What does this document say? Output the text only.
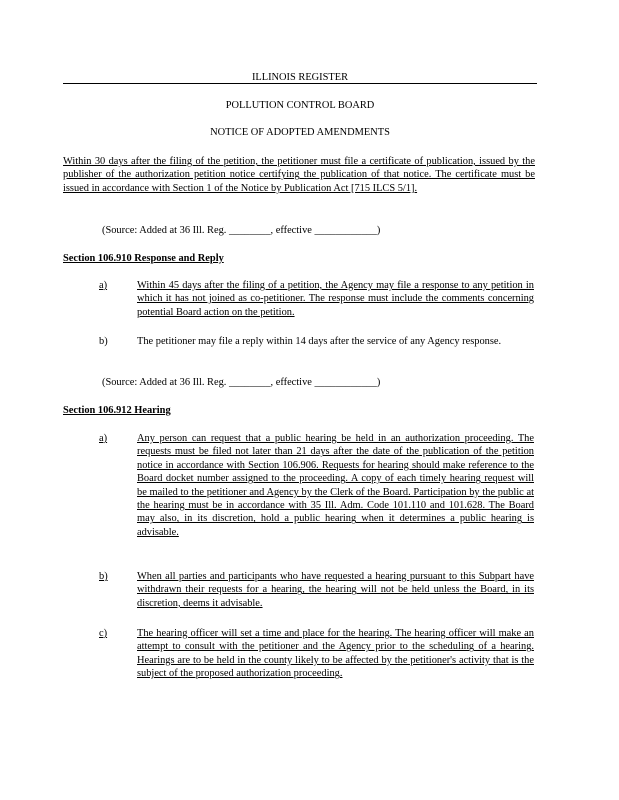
ILLINOIS REGISTER
POLLUTION CONTROL BOARD
NOTICE OF ADOPTED AMENDMENTS
Within 30 days after the filing of the petition, the petitioner must file a certificate of publication, issued by the publisher of the authorization petition notice certifying the publication of that notice. The certificate must be issued in accordance with Section 1 of the Notice by Publication Act [715 ILCS 5/1].
(Source: Added at 36 Ill. Reg. ________, effective ____________)
Section 106.910 Response and Reply
a)	Within 45 days after the filing of a petition, the Agency may file a response to any petition in which it has not joined as co-petitioner. The response must include the comments concerning potential Board action on the petition.
b)	The petitioner may file a reply within 14 days after the service of any Agency response.
(Source: Added at 36 Ill. Reg. ________, effective ____________)
Section 106.912 Hearing
a)	Any person can request that a public hearing be held in an authorization proceeding. The requests must be filed not later than 21 days after the date of the publication of the petition notice in accordance with Section 106.906. Requests for hearing should make reference to the Board docket number assigned to the proceeding. A copy of each timely hearing request will be mailed to the petitioner and Agency by the Clerk of the Board. Participation by the public at the hearing must be in accordance with 35 Ill. Adm. Code 101.110 and 101.628. The Board may also, in its discretion, hold a public hearing when it determines a public hearing is advisable.
b)	When all parties and participants who have requested a hearing pursuant to this Subpart have withdrawn their requests for a hearing, the hearing will not be held unless the Board, in its discretion, deems it advisable.
c)	The hearing officer will set a time and place for the hearing. The hearing officer will make an attempt to consult with the petitioner and the Agency prior to the scheduling of a hearing. Hearings are to be held in the county likely to be affected by the petitioner's activity that is the subject of the proposed authorization proceeding.
